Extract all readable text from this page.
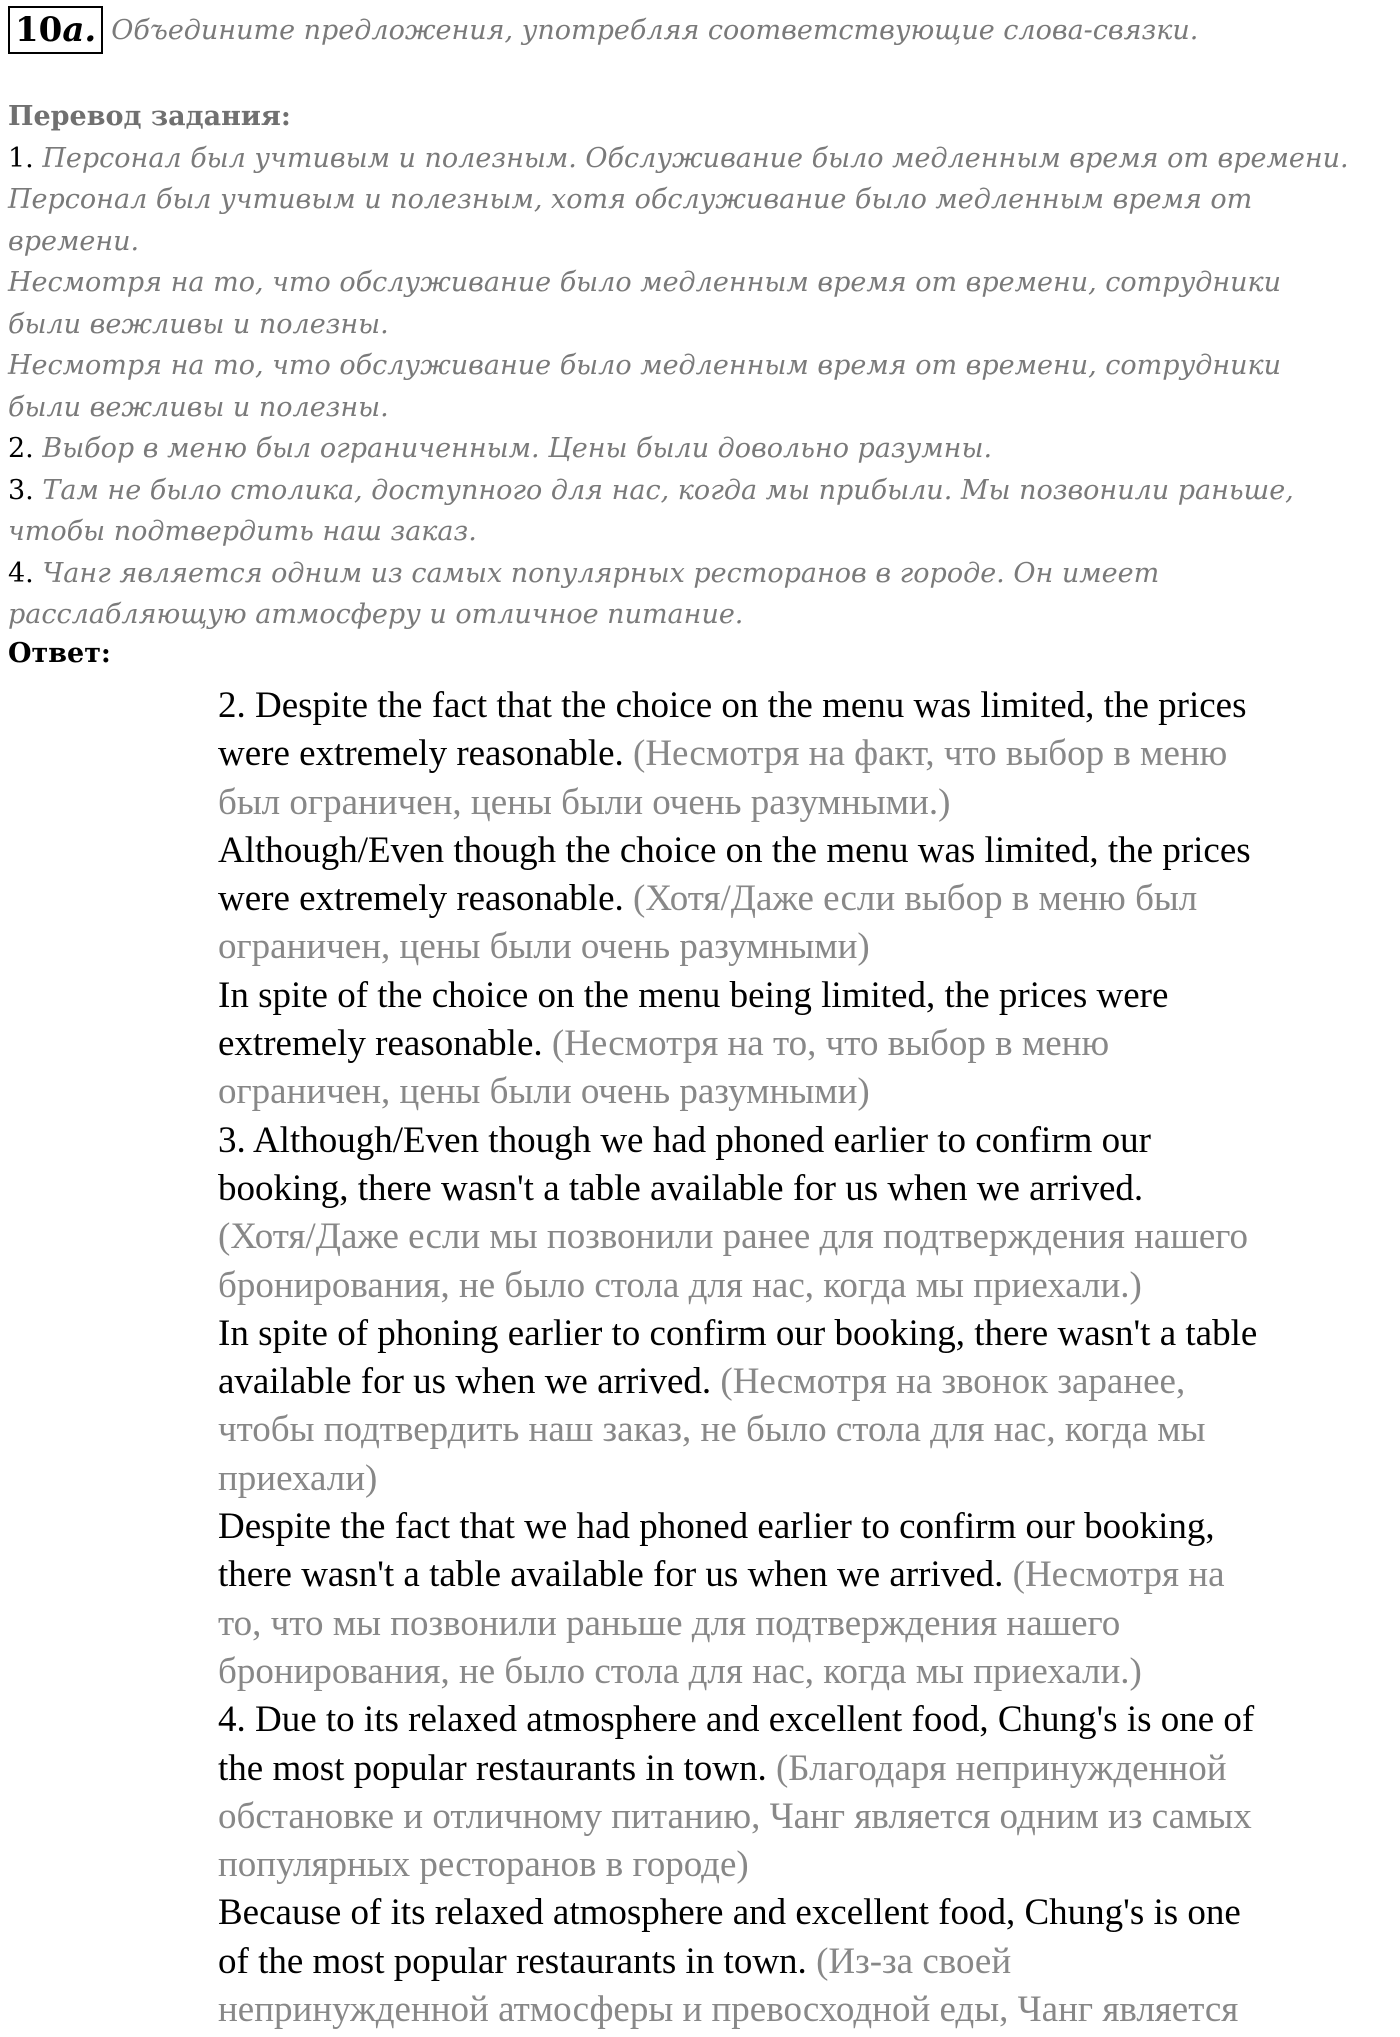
10a. Объедините предложения, употребляя соответствующие слова-связки.
Перевод задания:
1. Персонал был учтивым и полезным. Обслуживание было медленным время от времени.
Персонал был учтивым и полезным, хотя обслуживание было медленным время от
времени.
Несмотря на то, что обслуживание было медленным время от времени, сотрудники
были вежливы и полезны.
Несмотря на то, что обслуживание было медленным время от времени, сотрудники
были вежливы и полезны.
2. Выбор в меню был ограниченным. Цены были довольно разумны.
3. Там не было столика, доступного для нас, когда мы прибыли. Мы позвонили раньше,
чтобы подтвердить наш заказ.
4. Чанг является одним из самых популярных ресторанов в городе. Он имеет
расслабляющую атмосферу и отличное питание.
Ответ:
2. Despite the fact that the choice on the menu was limited, the prices
were extremely reasonable. (Несмотря на факт, что выбор в меню
был ограничен, цены были очень разумными.)
Although/Even though the choice on the menu was limited, the prices
were extremely reasonable. (Хотя/Даже если выбор в меню был
ограничен, цены были очень разумными)
In spite of the choice on the menu being limited, the prices were
extremely reasonable. (Несмотря на то, что выбор в меню
ограничен, цены были очень разумными)
3. Although/Even though we had phoned earlier to confirm our
booking, there wasn't a table available for us when we arrived.
(Хотя/Даже если мы позвонили ранее для подтверждения нашего
бронирования, не было стола для нас, когда мы приехали.)
In spite of phoning earlier to confirm our booking, there wasn't a table
available for us when we arrived. (Несмотря на звонок заранее,
чтобы подтвердить наш заказ, не было стола для нас, когда мы
приехали)
Despite the fact that we had phoned earlier to confirm our booking,
there wasn't a table available for us when we arrived. (Несмотря на
то, что мы позвонили раньше для подтверждения нашего
бронирования, не было стола для нас, когда мы приехали.)
4. Due to its relaxed atmosphere and excellent food, Chung's is one of
the most popular restaurants in town. (Благодаря непринужденной
обстановке и отличному питанию, Чанг является одним из самых
популярных ресторанов в городе)
Because of its relaxed atmosphere and excellent food, Chung's is one
of the most popular restaurants in town. (Из-за своей
непринужденной атмосферы и превосходной еды, Чанг является
